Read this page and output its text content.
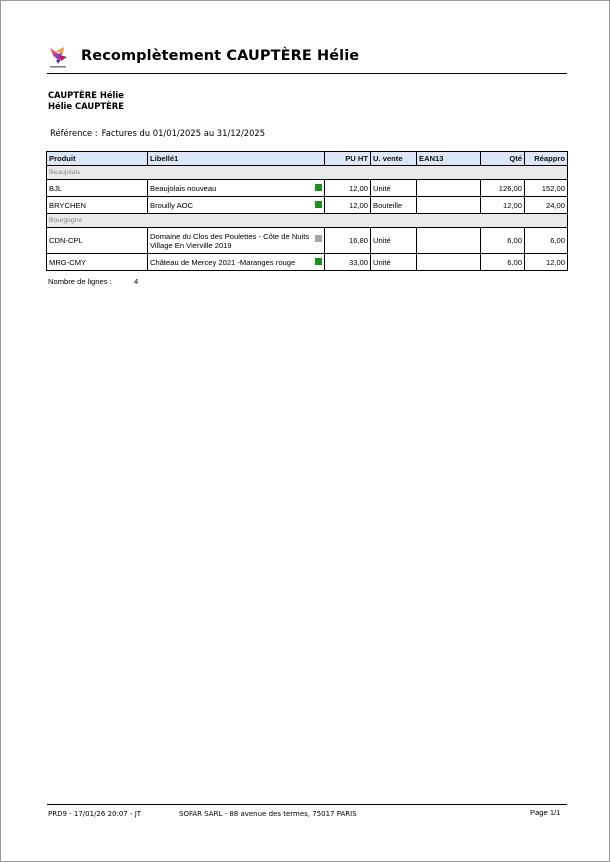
Recomplètement CAUPTÈRE Hélie
CAUPTÈRE Hélie
Hélie CAUPTÈRE
Référence : Factures du 01/01/2025 au 31/12/2025
Produit	Libellé1	PU HT	U. vente	EAN13	Qté	Réappro
Beaujolais						
BJL	Beaujolais nouveau	12,00	Unité		126,00	152,00
BRYCHEN	Brouilly AOC	12,00	Bouteille		12,00	24,00
Bourgogne						
CDN-CPL	Domaine du Clos des Poulettes - Côte de Nuits Village En Vierville 2019	16,80	Unité		6,00	6,00
MRG-CMY	Château de Mercey 2021 -Maranges rouge	33,00	Unité		6,00	12,00
Nombre de lignes :	4
PRD9 - 17/01/26 20:07 - JT	SOFAR SARL - 88 avenue des termes, 75017 PARIS	Page 1/1
